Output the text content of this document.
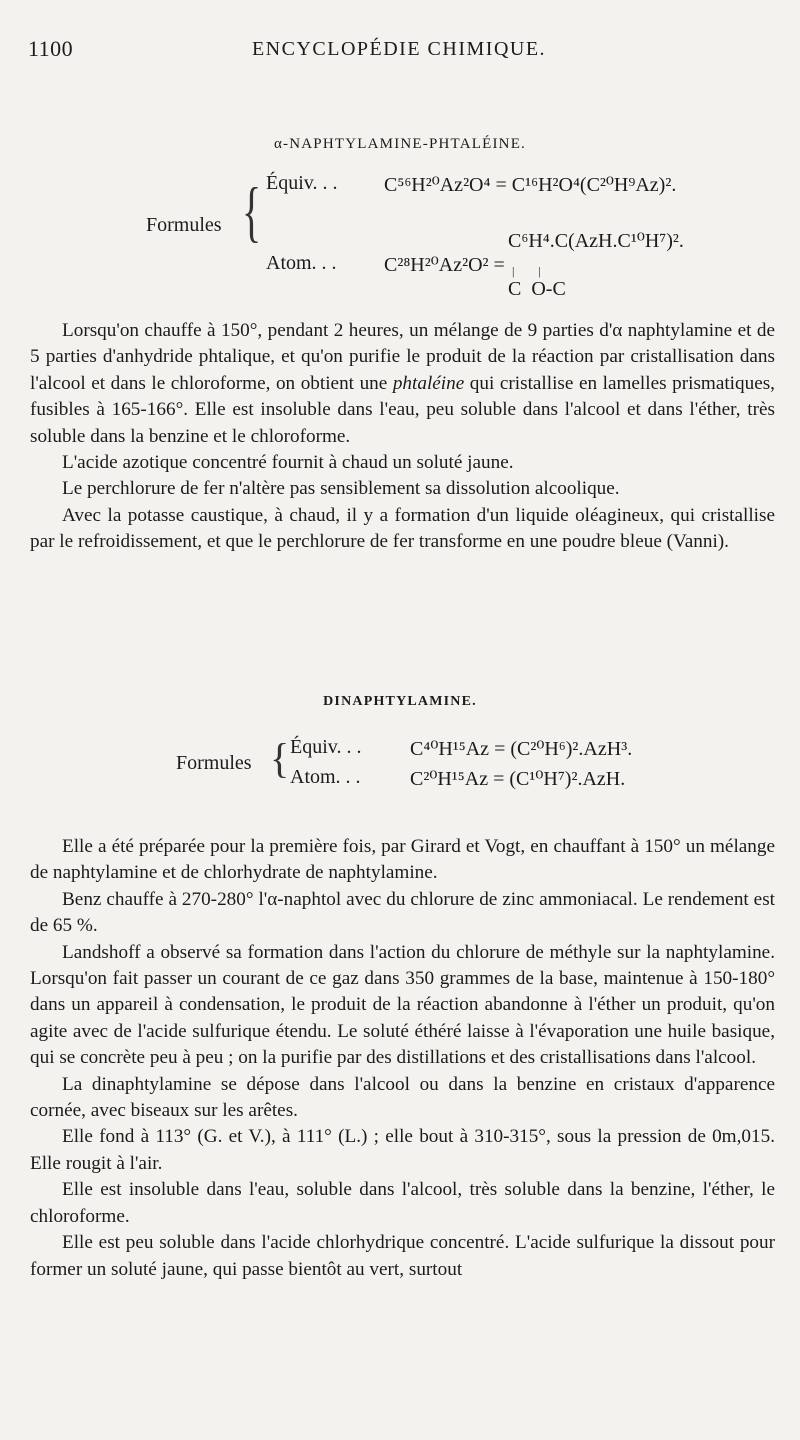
1100	ENCYCLOPÉDIE CHIMIQUE.
α-NAPHTYLAMINE-PHTALÉINE.
Formules { Équiv. . . C⁵⁶H²⁰Az²O⁴ = C¹⁶H²O⁴(C²⁰H⁹Az)².
C⁶H⁴.C(AzH.C¹⁰H⁷)².
Atom. . . C²⁸H²⁰Az²O² = |        |
C  O-C

Lorsqu'on chauffe à 150°, pendant 2 heures, un mélange de 9 parties d'α naphtylamine et de 5 parties d'anhydride phtalique, et qu'on purifie le produit de la réaction par cristallisation dans l'alcool et dans le chloroforme, on obtient une phtaléine qui cristallise en lamelles prismatiques, fusibles à 165-166°. Elle est insoluble dans l'eau, peu soluble dans l'alcool et dans l'éther, très soluble dans la benzine et le chloroforme.

L'acide azotique concentré fournit à chaud un soluté jaune.

Le perchlorure de fer n'altère pas sensiblement sa dissolution alcoolique.

Avec la potasse caustique, à chaud, il y a formation d'un liquide oléagineux, qui cristallise par le refroidissement, et que le perchlorure de fer transforme en une poudre bleue (Vanni).

DINAPHTYLAMINE.
Formules { Équiv. . . C⁴⁰H¹⁵Az = (C²⁰H⁶)².AzH³.
Atom. . . C²⁰H¹⁵Az = (C¹⁰H⁷)².AzH.

Elle a été préparée pour la première fois, par Girard et Vogt, en chauffant à 150° un mélange de naphtylamine et de chlorhydrate de naphtylamine.

Benz chauffe à 270-280° l'α-naphtol avec du chlorure de zinc ammoniacal. Le rendement est de 65 %.

Landshoff a observé sa formation dans l'action du chlorure de méthyle sur la naphtylamine. Lorsqu'on fait passer un courant de ce gaz dans 350 grammes de la base, maintenue à 150-180° dans un appareil à condensation, le produit de la réaction abandonne à l'éther un produit, qu'on agite avec de l'acide sulfurique étendu. Le soluté éthéré laisse à l'évaporation une huile basique, qui se concrète peu à peu ; on la purifie par des distillations et des cristallisations dans l'alcool.

La dinaphtylamine se dépose dans l'alcool ou dans la benzine en cristaux d'apparence cornée, avec biseaux sur les arêtes.

Elle fond à 113° (G. et V.), à 111° (L.) ; elle bout à 310-315°, sous la pression de 0m,015. Elle rougit à l'air.

Elle est insoluble dans l'eau, soluble dans l'alcool, très soluble dans la benzine, l'éther, le chloroforme.

Elle est peu soluble dans l'acide chlorhydrique concentré. L'acide sulfurique la dissout pour former un soluté jaune, qui passe bientôt au vert, surtout
